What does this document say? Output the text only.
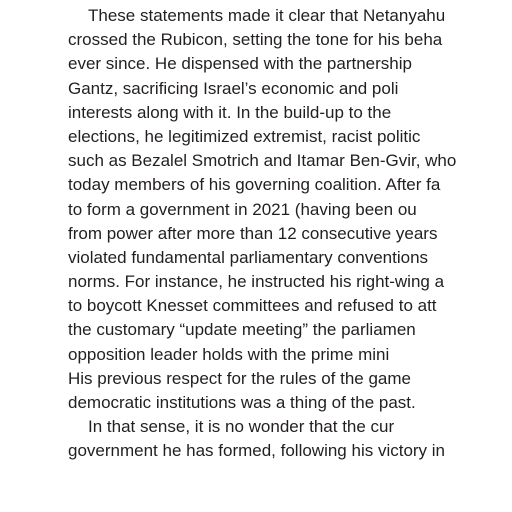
These statements made it clear that Netanyahu
crossed the Rubicon, setting the tone for his beha
ever since. He dispensed with the partnership
Gantz, sacrificing Israel’s economic and poli
interests along with it. In the build-up to the
elections, he legitimized extremist, racist politic
such as Bezalel Smotrich and Itamar Ben-Gvir, who
today members of his governing coalition. After fa
to form a government in 2021 (having been ou
from power after more than 12 consecutive years
violated fundamental parliamentary conventions
norms. For instance, he instructed his right-wing a
to boycott Knesset committees and refused to att
the customary “update meeting” the parliamen
opposition leader holds with the prime mini
His previous respect for the rules of the game
democratic institutions was a thing of the past.
In that sense, it is no wonder that the cur
government he has formed, following his victory in
